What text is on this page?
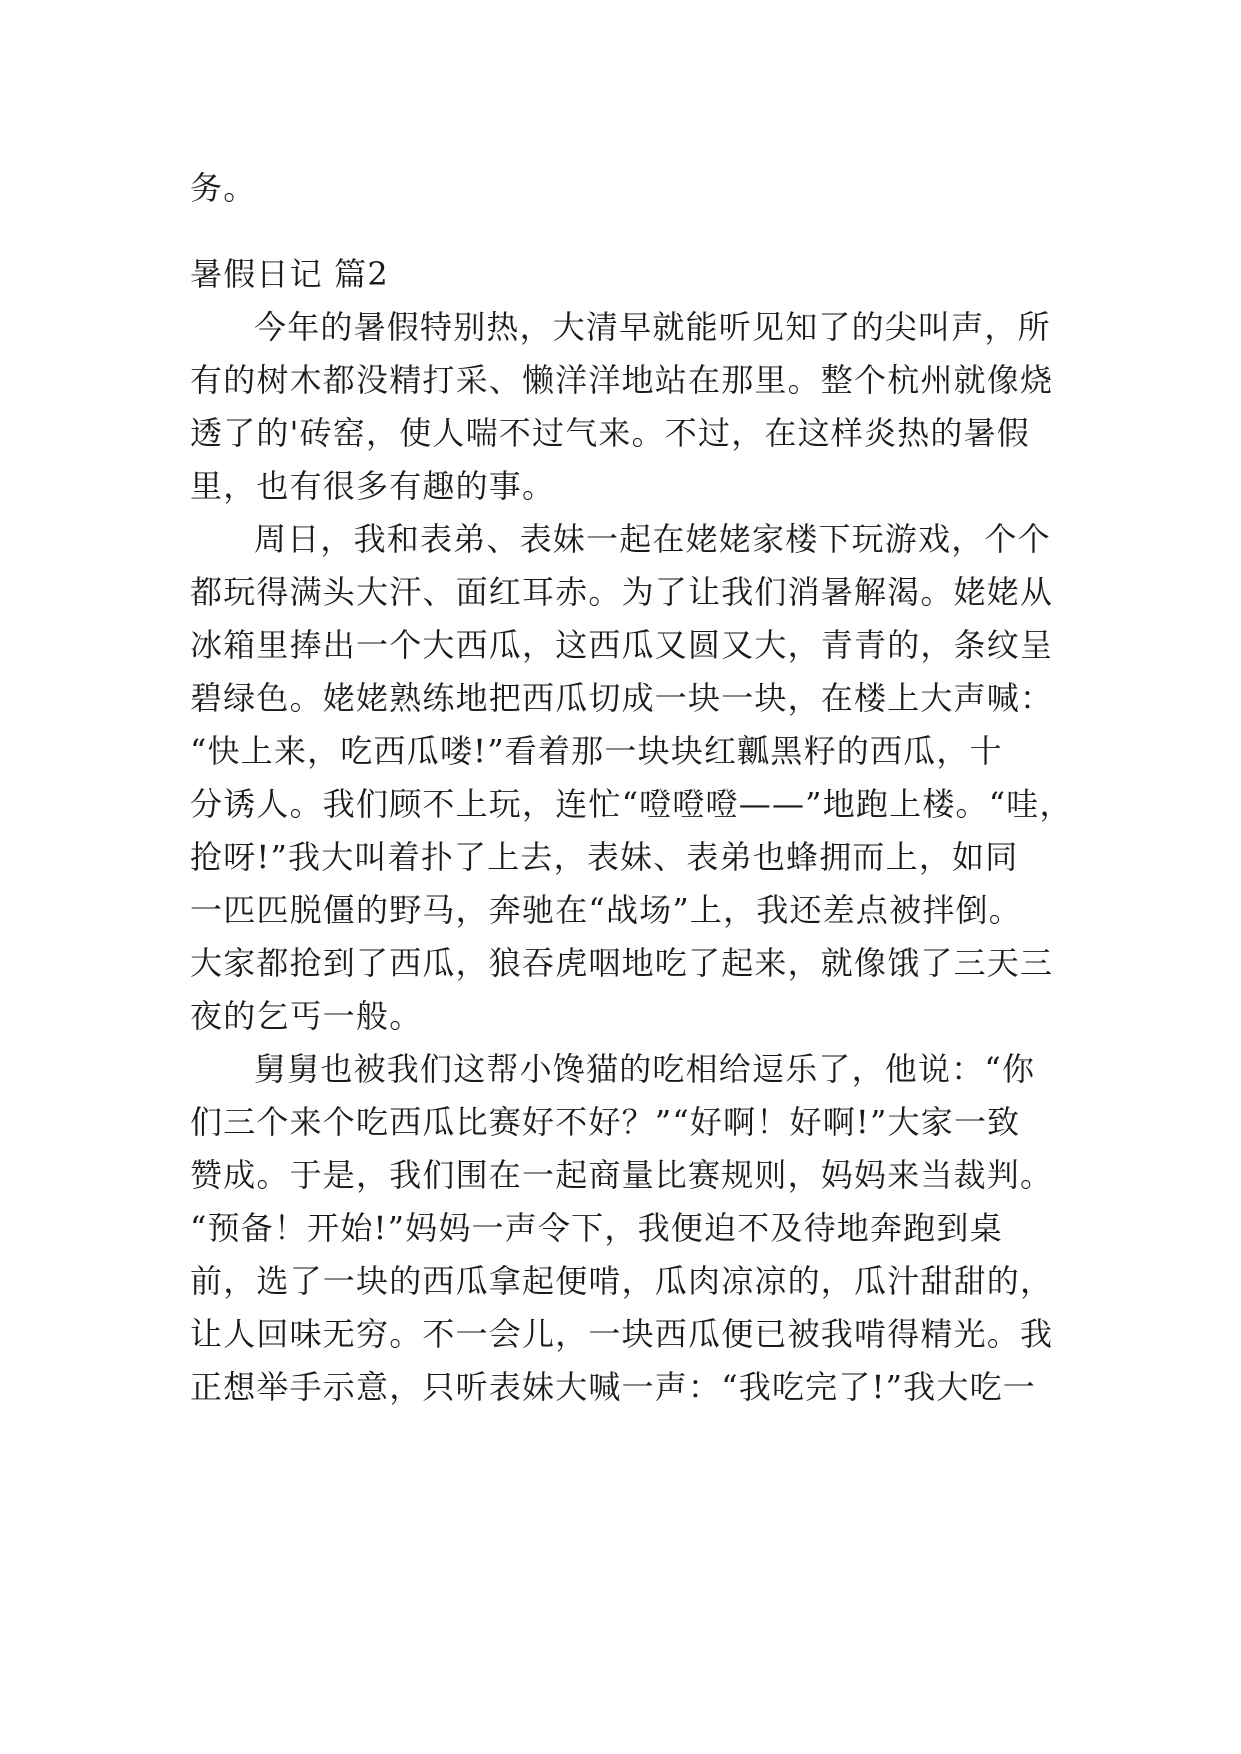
务。

暑假日记 篇2

今年的暑假特别热，大清早就能听见知了的尖叫声，所

有的树木都没精打采、懒洋洋地站在那里。整个杭州就像烧

透了的'砖窑，使人喘不过气来。不过，在这样炎热的暑假

里，也有很多有趣的事。

周日，我和表弟、表妹一起在姥姥家楼下玩游戏，个个

都玩得满头大汗、面红耳赤。为了让我们消暑解渴。姥姥从

冰箱里捧出一个大西瓜，这西瓜又圆又大，青青的，条纹呈

碧绿色。姥姥熟练地把西瓜切成一块一块，在楼上大声喊：

“快上来，吃西瓜喽!”看着那一块块红瓤黑籽的西瓜，十

分诱人。我们顾不上玩，连忙“噔噔噔——”地跑上楼。“哇，

抢呀!”我大叫着扑了上去，表妹、表弟也蜂拥而上，如同

一匹匹脱僵的野马，奔驰在“战场”上，我还差点被拌倒。

大家都抢到了西瓜，狼吞虎咽地吃了起来，就像饿了三天三

夜的乞丐一般。

舅舅也被我们这帮小馋猫的吃相给逗乐了，他说：“你

们三个来个吃西瓜比赛好不好？”“好啊！好啊!”大家一致

赞成。于是，我们围在一起商量比赛规则，妈妈来当裁判。

“预备！开始!”妈妈一声令下，我便迫不及待地奔跑到桌

前，选了一块的西瓜拿起便啃，瓜肉凉凉的，瓜汁甜甜的，

让人回味无穷。不一会儿，一块西瓜便已被我啃得精光。我

正想举手示意，只听表妹大喊一声：“我吃完了!”我大吃一
